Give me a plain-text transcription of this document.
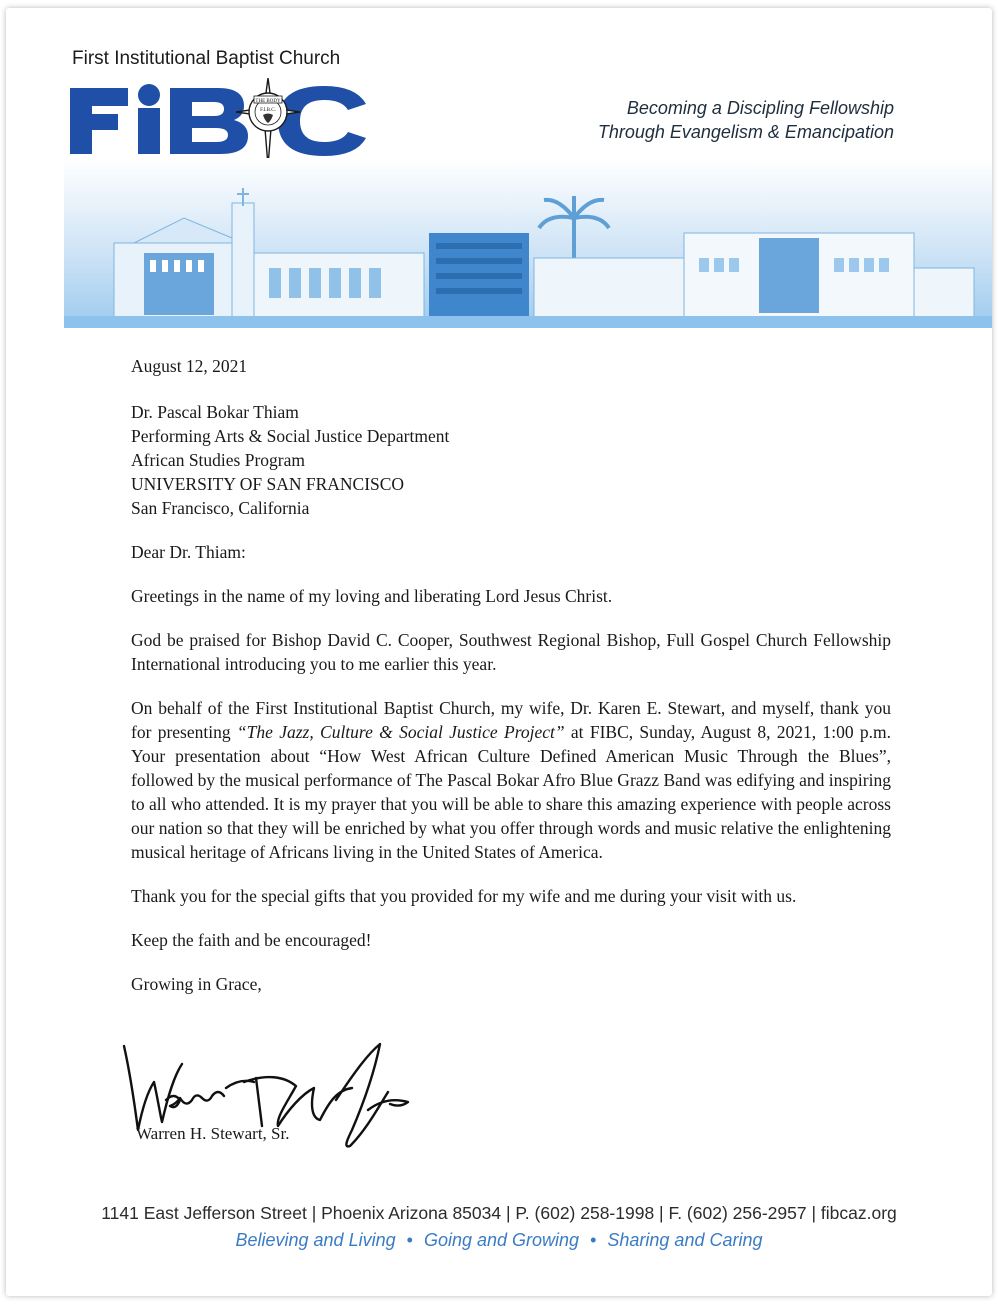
First Institutional Baptist Church
THE BODY
F.I.B.C.	Becoming a Discipling Fellowship
Through Evangelism & Emancipation

August 12, 2021

Dr. Pascal Bokar Thiam
Performing Arts & Social Justice Department
African Studies Program
UNIVERSITY OF SAN FRANCISCO
San Francisco, California

Dear Dr. Thiam:

Greetings in the name of my loving and liberating Lord Jesus Christ.

God be praised for Bishop David C. Cooper, Southwest Regional Bishop, Full Gospel Church Fellowship International introducing you to me earlier this year.

On behalf of the First Institutional Baptist Church, my wife, Dr. Karen E. Stewart, and myself, thank you for presenting “The Jazz, Culture & Social Justice Project” at FIBC, Sunday, August 8, 2021, 1:00 p.m. Your presentation about “How West African Culture Defined American Music Through the Blues”, followed by the musical performance of The Pascal Bokar Afro Blue Grazz Band was edifying and inspiring to all who attended. It is my prayer that you will be able to share this amazing experience with people across our nation so that they will be enriched by what you offer through words and music relative the enlightening musical heritage of Africans living in the United States of America.

Thank you for the special gifts that you provided for my wife and me during your visit with us.

Keep the faith and be encouraged!

Growing in Grace,

Warren H. Stewart, Sr.
1141 East Jefferson Street | Phoenix Arizona 85034 | P. (602) 258-1998 | F. (602) 256-2957 | fibcaz.org
Believing and Living • Going and Growing • Sharing and Caring
